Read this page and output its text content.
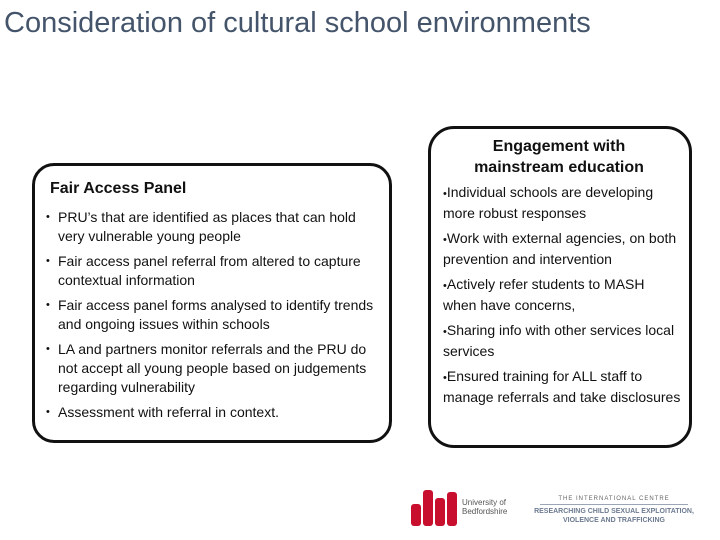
Consideration of cultural school environments
Fair Access Panel
• PRU’s that are identified as places that can hold very vulnerable young people
• Fair access panel referral from altered to capture contextual information
• Fair access panel forms analysed to identify trends and ongoing issues within schools
• LA and partners monitor referrals and the PRU do not accept all young people based on judgements regarding vulnerability
• Assessment with referral in context.
Engagement with mainstream education
•Individual schools are developing more robust responses
•Work with external agencies, on both prevention and intervention
•Actively refer students to MASH when have concerns,
•Sharing info with other services local services
•Ensured training for ALL staff to manage referrals and take disclosures
University of
Bedfordshire
THE INTERNATIONAL CENTRE
RESEARCHING CHILD SEXUAL EXPLOITATION,
VIOLENCE AND TRAFFICKING
